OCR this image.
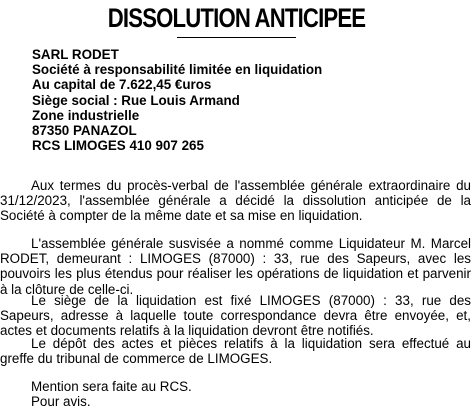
DISSOLUTION ANTICIPEE
SARL RODET
Société à responsabilité limitée en liquidation
Au capital de 7.622,45 €uros
Siège social : Rue Louis Armand
Zone industrielle
87350 PANAZOL
RCS LIMOGES 410 907 265

Aux termes du procès-verbal de l'assemblée générale extraordinaire du 31/12/2023, l'assemblée générale a décidé la dissolution anticipée de la Société à compter de la même date et sa mise en liquidation.

L'assemblée générale susvisée a nommé comme Liquidateur M. Marcel RODET, demeurant : LIMOGES (87000) : 33, rue des Sapeurs, avec les pouvoirs les plus étendus pour réaliser les opérations de liquidation et parvenir à la clôture de celle-ci.

Le siège de la liquidation est fixé LIMOGES (87000) : 33, rue des Sapeurs, adresse à laquelle toute correspondance devra être envoyée, et, actes et documents relatifs à la liquidation devront être notifiés.

Le dépôt des actes et pièces relatifs à la liquidation sera effectué au greffe du tribunal de commerce de LIMOGES.

Mention sera faite au RCS.
Pour avis.
